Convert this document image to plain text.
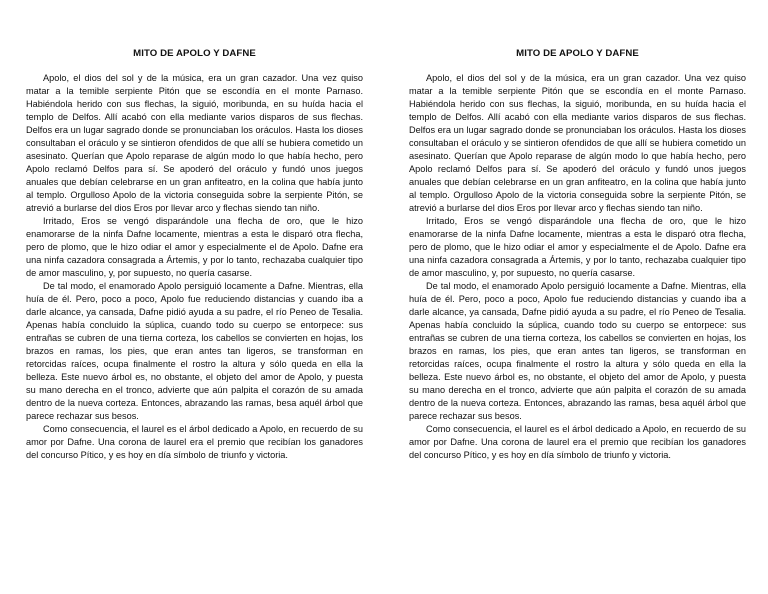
MITO DE APOLO Y DAFNE

Apolo, el dios del sol y de la música, era un gran cazador. Una vez quiso matar a la temible serpiente Pitón que se escondía en el monte Parnaso. Habiéndola herido con sus flechas, la siguió, moribunda, en su huída hacia el templo de Delfos. Allí acabó con ella mediante varios disparos de sus flechas. Delfos era un lugar sagrado donde se pronunciaban los oráculos. Hasta los dioses consultaban el oráculo y se sintieron ofendidos de que allí se hubiera cometido un asesinato. Querían que Apolo reparase de algún modo lo que había hecho, pero Apolo reclamó Delfos para sí. Se apoderó del oráculo y fundó unos juegos anuales que debían celebrarse en un gran anfiteatro, en la colina que había junto al templo. Orgulloso Apolo de la victoria conseguida sobre la serpiente Pitón, se atrevió a burlarse del dios Eros por llevar arco y flechas siendo tan niño.

Irritado, Eros se vengó disparándole una flecha de oro, que le hizo enamorarse de la ninfa Dafne locamente, mientras a esta le disparó otra flecha, pero de plomo, que le hizo odiar el amor y especialmente el de Apolo. Dafne era una ninfa cazadora consagrada a Ártemis, y por lo tanto, rechazaba cualquier tipo de amor masculino, y, por supuesto, no quería casarse.

De tal modo, el enamorado Apolo persiguió locamente a Dafne. Mientras, ella huía de él. Pero, poco a poco, Apolo fue reduciendo distancias y cuando iba a darle alcance, ya cansada, Dafne pidió ayuda a su padre, el río Peneo de Tesalia. Apenas había concluido la súplica, cuando todo su cuerpo se entorpece: sus entrañas se cubren de una tierna corteza, los cabellos se convierten en hojas, los brazos en ramas, los pies, que eran antes tan ligeros, se transforman en retorcidas raíces, ocupa finalmente el rostro la altura y sólo queda en ella la belleza. Este nuevo árbol es, no obstante, el objeto del amor de Apolo, y puesta su mano derecha en el tronco, advierte que aún palpita el corazón de su amada dentro de la nueva corteza. Entonces, abrazando las ramas, besa aquél árbol que parece rechazar sus besos.

Como consecuencia, el laurel es el árbol dedicado a Apolo, en recuerdo de su amor por Dafne. Una corona de laurel era el premio que recibían los ganadores del concurso Pítico, y es hoy en día símbolo de triunfo y victoria.

MITO DE APOLO Y DAFNE

Apolo, el dios del sol y de la música, era un gran cazador. Una vez quiso matar a la temible serpiente Pitón que se escondía en el monte Parnaso. Habiéndola herido con sus flechas, la siguió, moribunda, en su huída hacia el templo de Delfos. Allí acabó con ella mediante varios disparos de sus flechas. Delfos era un lugar sagrado donde se pronunciaban los oráculos. Hasta los dioses consultaban el oráculo y se sintieron ofendidos de que allí se hubiera cometido un asesinato. Querían que Apolo reparase de algún modo lo que había hecho, pero Apolo reclamó Delfos para sí. Se apoderó del oráculo y fundó unos juegos anuales que debían celebrarse en un gran anfiteatro, en la colina que había junto al templo. Orgulloso Apolo de la victoria conseguida sobre la serpiente Pitón, se atrevió a burlarse del dios Eros por llevar arco y flechas siendo tan niño.

Irritado, Eros se vengó disparándole una flecha de oro, que le hizo enamorarse de la ninfa Dafne locamente, mientras a esta le disparó otra flecha, pero de plomo, que le hizo odiar el amor y especialmente el de Apolo. Dafne era una ninfa cazadora consagrada a Ártemis, y por lo tanto, rechazaba cualquier tipo de amor masculino, y, por supuesto, no quería casarse.

De tal modo, el enamorado Apolo persiguió locamente a Dafne. Mientras, ella huía de él. Pero, poco a poco, Apolo fue reduciendo distancias y cuando iba a darle alcance, ya cansada, Dafne pidió ayuda a su padre, el río Peneo de Tesalia. Apenas había concluido la súplica, cuando todo su cuerpo se entorpece: sus entrañas se cubren de una tierna corteza, los cabellos se convierten en hojas, los brazos en ramas, los pies, que eran antes tan ligeros, se transforman en retorcidas raíces, ocupa finalmente el rostro la altura y sólo queda en ella la belleza. Este nuevo árbol es, no obstante, el objeto del amor de Apolo, y puesta su mano derecha en el tronco, advierte que aún palpita el corazón de su amada dentro de la nueva corteza. Entonces, abrazando las ramas, besa aquél árbol que parece rechazar sus besos.

Como consecuencia, el laurel es el árbol dedicado a Apolo, en recuerdo de su amor por Dafne. Una corona de laurel era el premio que recibían los ganadores del concurso Pítico, y es hoy en día símbolo de triunfo y victoria.
